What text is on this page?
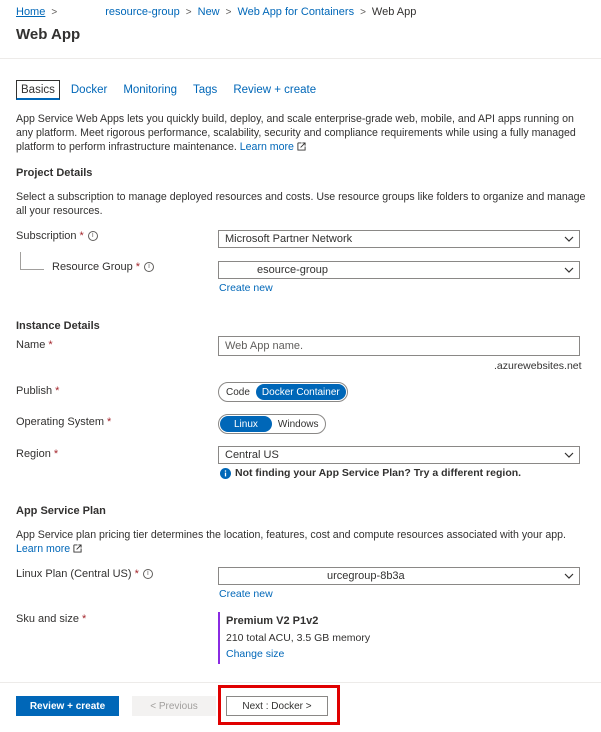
Home >	resource-group > New > Web App for Containers > Web App
Web App
Basics	Docker	Monitoring	Tags	Review + create
App Service Web Apps lets you quickly build, deploy, and scale enterprise-grade web, mobile, and API apps running on any platform. Meet rigorous performance, scalability, security and compliance requirements while using a fully managed platform to perform infrastructure maintenance. Learn more
Project Details
Select a subscription to manage deployed resources and costs. Use resource groups like folders to organize and manage all your resources.
Subscription *	i	Microsoft Partner Network
Resource Group *	i	esource-group
Create new
Instance Details
Name *	Web App name.
.azurewebsites.net
Publish *	Code	Docker Container
Operating System *	Linux	Windows
Region *	Central US
Not finding your App Service Plan? Try a different region.
App Service Plan
App Service plan pricing tier determines the location, features, cost and compute resources associated with your app.
Learn more
Linux Plan (Central US) *	i	urcegroup-8b3a
Create new
Sku and size *	Premium V2 P1v2
210 total ACU, 3.5 GB memory
Change size
Review + create	< Previous	Next : Docker >
